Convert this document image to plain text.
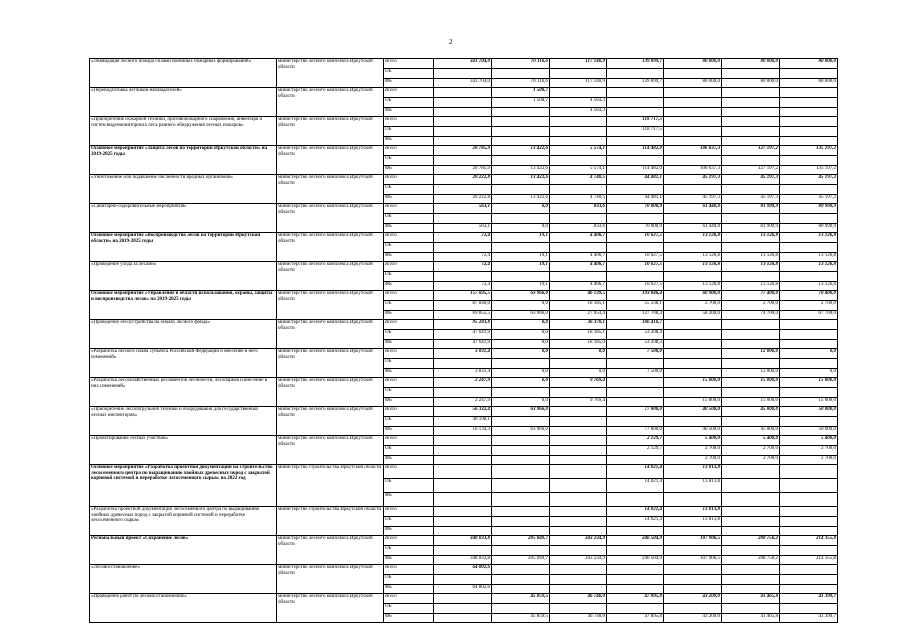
2
«Ликвидация лесного пожара силами наземных пожарных формирований»	министерство лесного комплекса Иркутской области	Всего	343 704,0	70 116,6	117 140,9	139 899,7	80 000,0	80 000,0	80 000,0
		ОБ							
		ФБ	343 704,0	70 116,6	117 140,9	139 899,7	80 000,0	80 000,0	80 000,0
«Переподготовка летчиков-наблюдателей»	министерство лесного комплекса Иркутской области	Всего		1 508,7					
		ОБ		1 508,7	4 564,3				
		ФБ			4 564,3				
«Приобретение пожарной техники, противопожарного снаряжения, инвентаря и систем видеомониторинга леса раннего обнаружения лесных пожаров»	министерство лесного комплекса Иркутской области	Всего				118 717,5			
		ОБ				118 717,5			
		ФБ							
Основное мероприятие «Защита лесов на территории Иркутской области» на 2019-2025 годы	министерство лесного комплекса Иркутской области	Всего	20 785,9	13 422,6	5 574,1	114 482,0	106 637,3	127 197,2	135 197,2
		ОБ							
		ФБ	20 785,9	13 422,6	5 574,1	114 482,0	106 637,3	127 197,2	135 197,2
«Уничтожение или подавление численности вредных организмов»	министерство лесного комплекса Иркутской области	Всего	20 222,8	13 422,6	4 740,5	44 481,1	45 197,3	45 197,3	45 197,3
		ОБ							
		ФБ	20 222,8	13 422,6	4 740,5	44 481,1	45 197,3	45 197,3	45 197,3
«Санитарно-оздоровительные мероприятия»	министерство лесного комплекса Иркутской области	Всего	563,1	0,0	833,6	70 000,9	61 440,0	81 999,9	89 999,9
		ОБ							
		ФБ	563,1	0,0	833,6	70 000,9	61 440,0	81 999,9	89 999,9
Основное мероприятие «Воспроизводство лесов на территории Иркутской области» на 2019-2025 годы	министерство лесного комплекса Иркутской области	Всего	72,4	19,1	4 406,7	10 627,5	13 126,8	13 126,8	13 126,8
		ОБ							
		ФБ	72,4	19,1	4 406,7	10 627,5	13 126,8	13 126,8	13 126,8
«Проведение ухода за лесами»	министерство лесного комплекса Иркутской области	Всего	72,4	19,1	4 406,7	10 627,5	13 126,8	13 126,8	13 126,8
		ОБ							
		ФБ	72,4	19,1	4 406,7	10 627,5	13 126,8	13 126,8	13 126,8
Основное мероприятие «Управление в области использования, охраны, защиты и воспроизводства лесов» на 2019-2025 годы	министерство лесного комплекса Иркутской области	Всего	157 695,5	63 966,0	46 139,5	193 046,4	60 900,0	77 400,0	70 400,0
		ОБ	87 840,0	0,0	18 185,1	55 338,1	2 700,0	2 700,0	2 700,0
		ФБ	69 855,5	63 966,0	27 954,4	137 708,3	58 200,0	74 700,0	67 700,0
«Проведение лесоустройства на землях лесного фонда»	министерство лесного комплекса Иркутской области	Всего	95 283,8	0,0	36 370,1	106 416,7			
		ОБ	47 641,9	0,0	18 185,1	53 208,4			
		ФБ	47 641,9	0,0	18 185,0	53 208,3			
«Разработка лесного плана субъекта Российской Федерации и внесение в него изменений»	министерство лесного комплекса Иркутской области	Всего	3 831,4	0,0	0,0	7 500,0		12 000,0	0,0
		ОБ							
		ФБ	3 831,4	0,0	0,0	7 500,0		12 000,0	0,0
«Разработка лесохозяйственных регламентов лесничеств, лесопарков и внесение в них изменений»	министерство лесного комплекса Иркутской области	Всего	2 247,9	0,0	9 769,4		15 000,0	15 000,0	15 000,0
		ОБ							
		ФБ	2 247,9	0,0	9 769,4		15 000,0	15 000,0	15 000,0
«Приобретение лесопатрульной техники и оборудования для государственных лесных инспекторов»	министерство лесного комплекса Иркутской области	Всего	56 332,4	63 966,0		77 000,0	40 500,0	45 000,0	50 000,0
		ОБ	40 198,1						
		ФБ	16 134,3	63 966,0		77 000,0	40 500,0	45 000,0	50 000,0
«Проектирование лесных участков»	министерство лесного комплекса Иркутской области	Всего				2 129,7	5 400,0	5 400,0	5 400,0
		ОБ				2 129,7	2 700,0	2 700,0	2 700,0
		ФБ					2 700,0	2 700,0	2 700,0
Основное мероприятие «Разработка проектной документации на строительство лесосеменного центра по выращиванию хвойных древесных пород с закрытой корневой системой и переработке лесосеменного сырья» на 2022 год	министерство строительства Иркутской области	Всего				14 021,4	13 813,8		
		ОБ				14 021,4	13 813,8		
		ФБ							
«Разработка проектной документации лесосеменного центра по выращиванию хвойных древесных пород с закрытой корневой системой и переработке лесосеменного сырья»	министерство строительства Иркутской области	Всего				14 021,4	13 813,8		
		ОБ				14 021,4	13 813,8		
		ФБ							
Региональный проект «Сохранение лесов»	министерство лесного комплекса Иркутской области	Всего	348 033,8	205 049,7	343 234,9	246 504,9	107 906,5	208 750,2	214 355,8
		ОБ							
		ФБ	348 033,8	205 049,7	343 234,9	246 504,9	107 906,5	208 750,2	214 355,8
«Лесовосстановление»	министерство лесного комплекса Иркутской области	Всего	64 802,6						
		ОБ							
		ФБ	64 802,6						
«Проведение работ по лесовосстановлению»	министерство лесного комплекса Иркутской области	Всего		45 859,5	46 740,0	47 895,8	43 209,0	41 465,8	41 399,7
		ОБ							
		ФБ		45 859,5	46 740,0	47 895,8	43 209,0	41 465,8	41 399,7
